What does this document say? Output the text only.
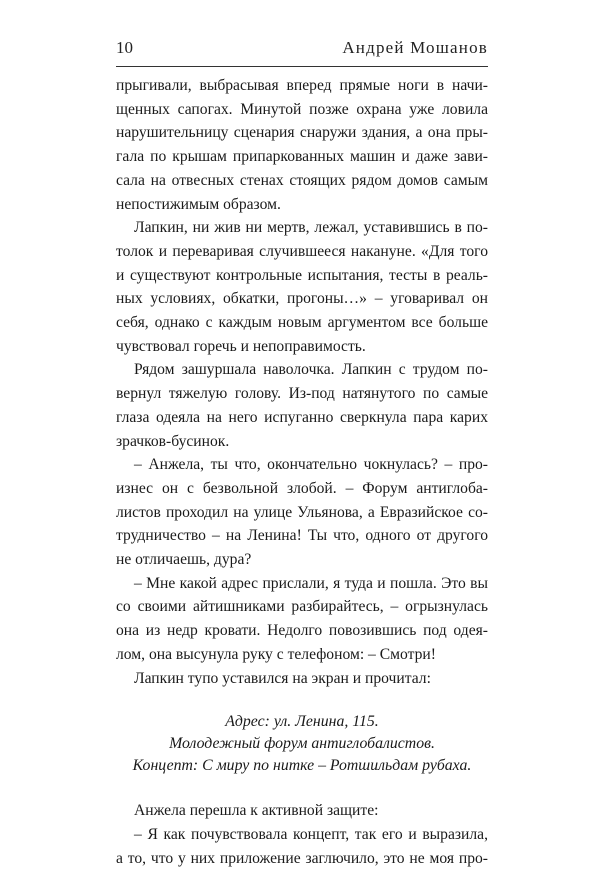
10	Андрей Мошанов

прыгивали, выбрасывая вперед прямые ноги в начи-

щенных сапогах. Минутой позже охрана уже ловила

нарушительницу сценария снаружи здания, а она пры-

гала по крышам припаркованных машин и даже зави-

сала на отвесных стенах стоящих рядом домов самым

непостижимым образом.

Лапкин, ни жив ни мертв, лежал, уставившись в по-

толок и переваривая случившееся накануне. «Для того

и существуют контрольные испытания, тесты в реаль-

ных условиях, обкатки, прогоны…» – уговаривал он

себя, однако с каждым новым аргументом все больше

чувствовал горечь и непоправимость.

Рядом зашуршала наволочка. Лапкин с трудом по-

вернул тяжелую голову. Из-под натянутого по самые

глаза одеяла на него испуганно сверкнула пара карих

зрачков-бусинок.

– Анжела, ты что, окончательно чокнулась? – про-

изнес он с безвольной злобой. – Форум антиглоба-

листов проходил на улице Ульянова, а Евразийское со-

трудничество – на Ленина! Ты что, одного от другого

не отличаешь, дура?

– Мне какой адрес прислали, я туда и пошла. Это вы

со своими айтишниками разбирайтесь, – огрызнулась

она из недр кровати. Недолго повозившись под одея-

лом, она высунула руку с телефоном: – Смотри!

Лапкин тупо уставился на экран и прочитал:

Адрес: ул. Ленина, 115.
Молодежный форум антиглобалистов.
Концепт: С миру по нитке – Ротшильдам рубаха.

Анжела перешла к активной защите:

– Я как почувствовала концепт, так его и выразила,

а то, что у них приложение заглючило, это не моя про-
